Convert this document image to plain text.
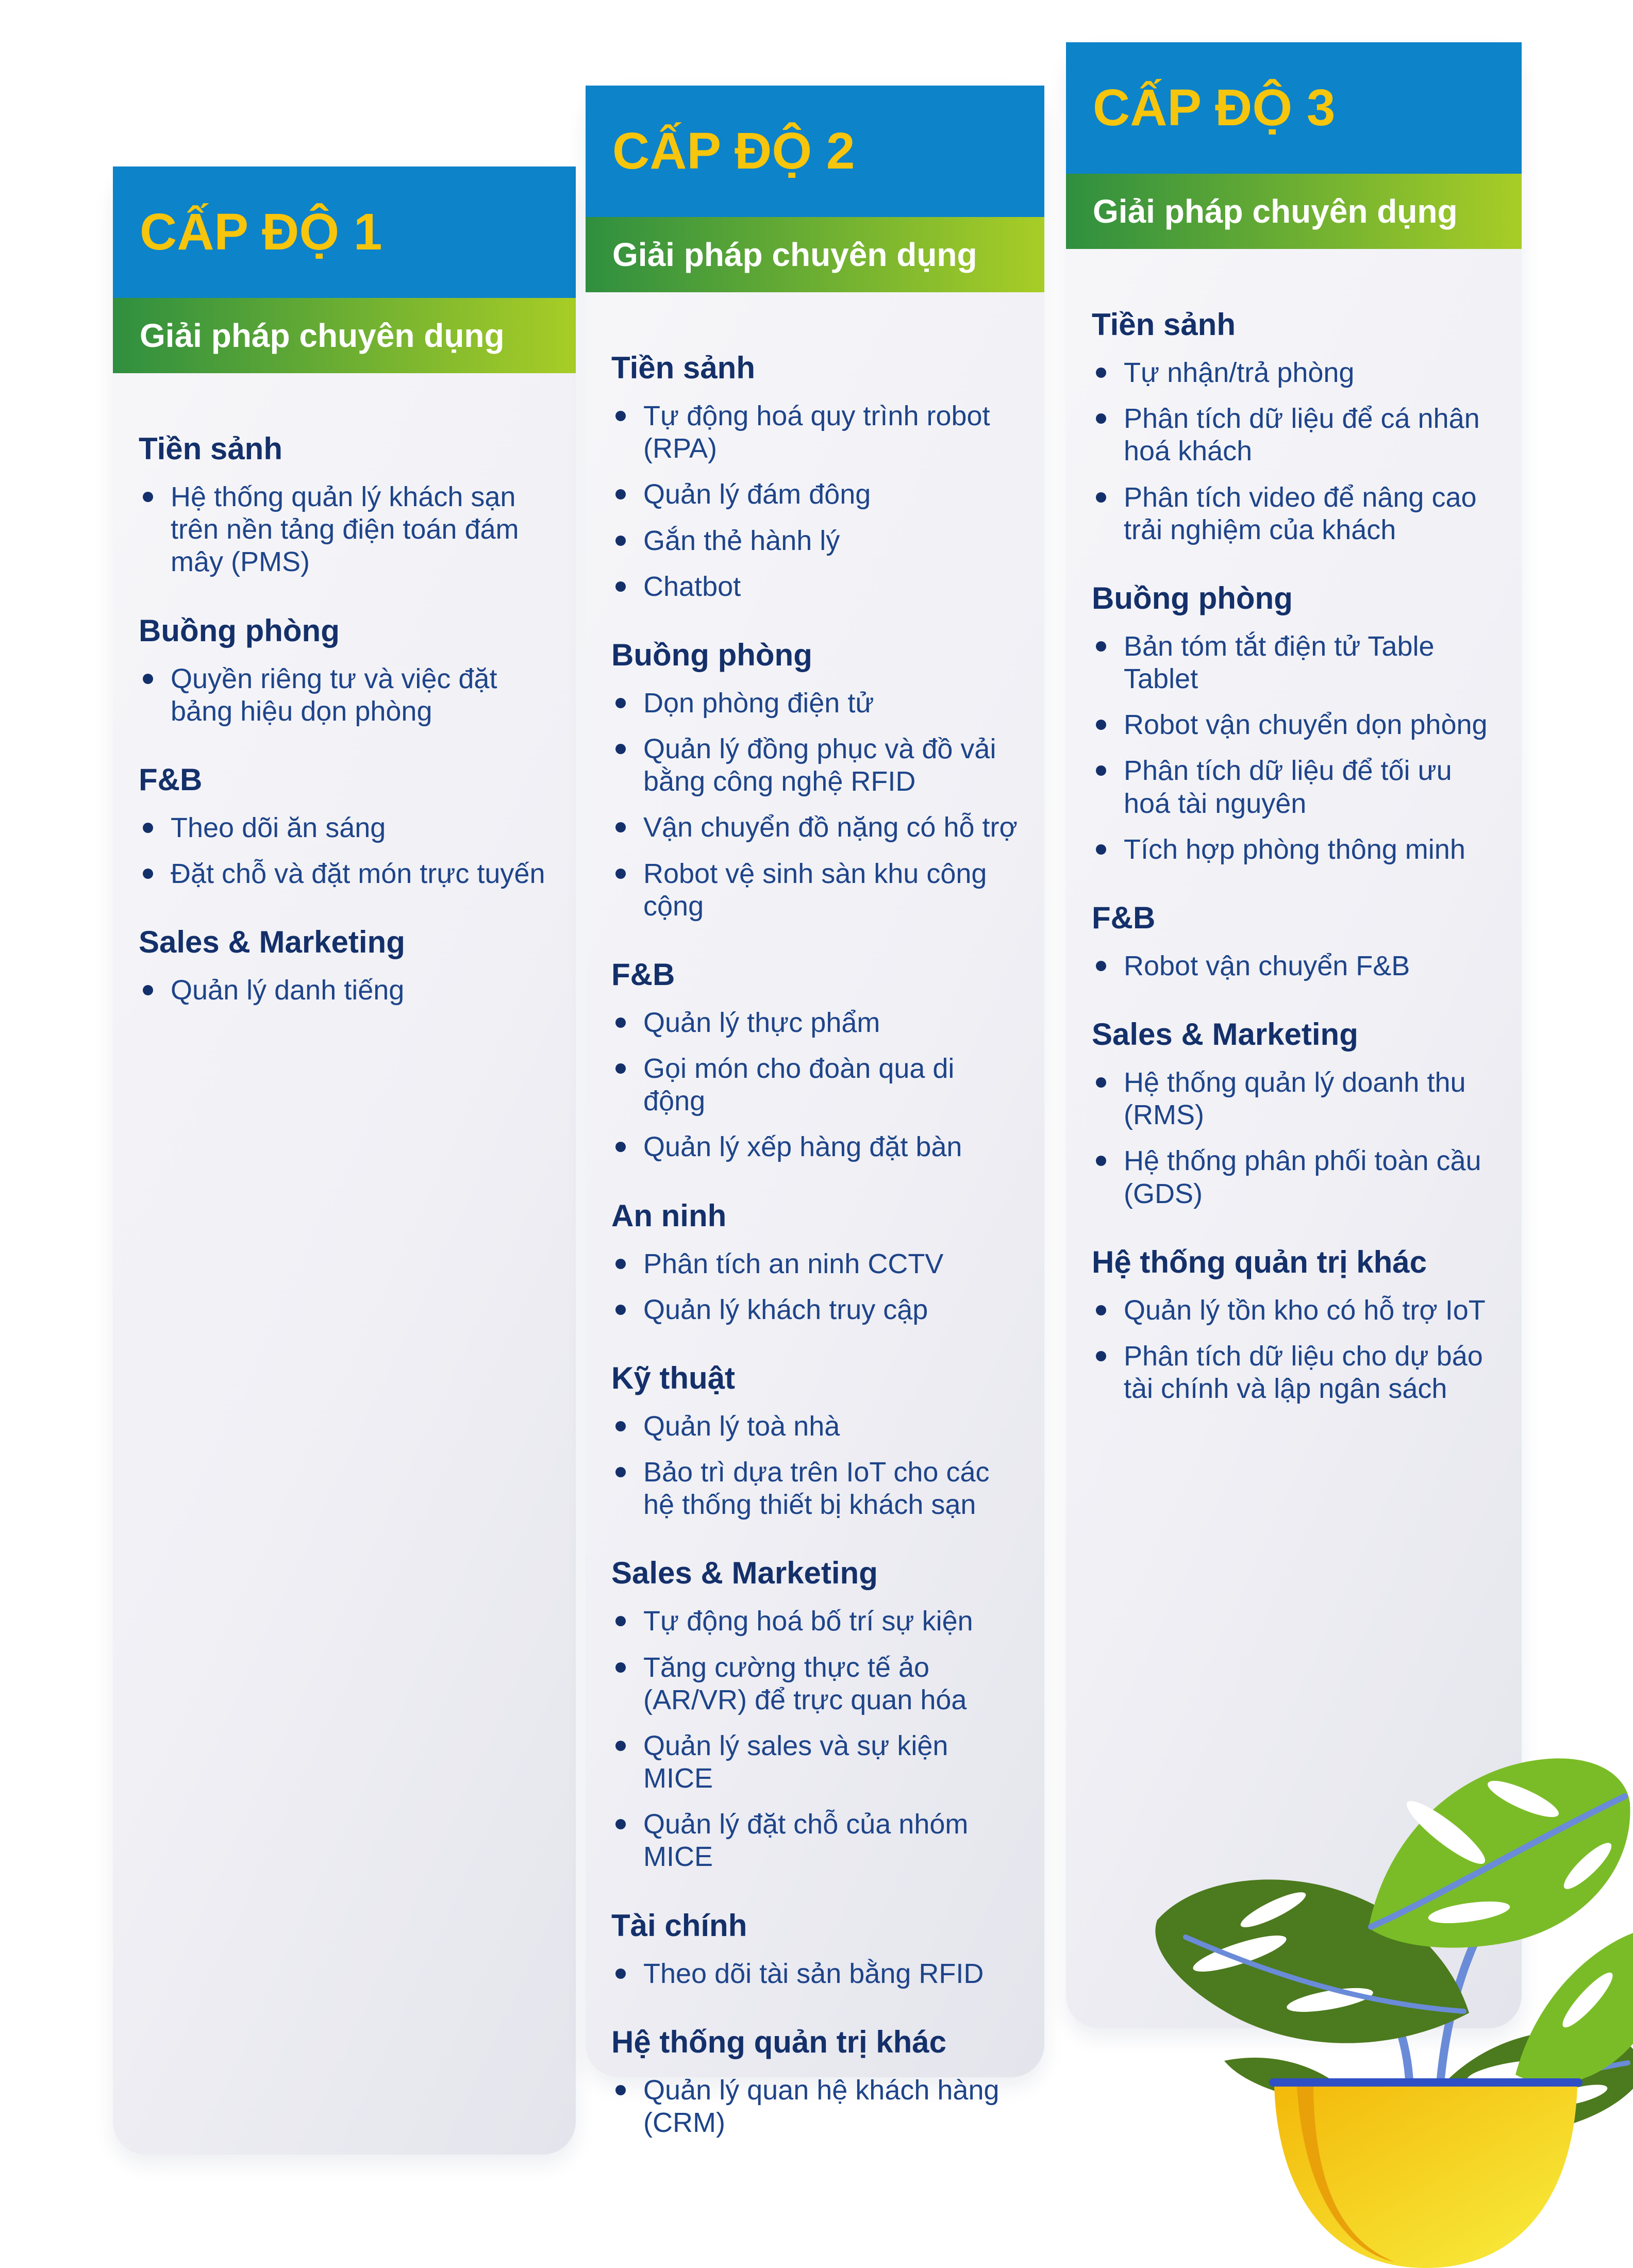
CẤP ĐỘ 1
Giải pháp chuyên dụng
Tiền sảnh
Hệ thống quản lý khách sạn trên nền tảng điện toán đám mây (PMS)
Buồng phòng
Quyền riêng tư và việc đặt bảng hiệu dọn phòng
F&B
Theo dõi ăn sáng
Đặt chỗ và đặt món trực tuyến
Sales & Marketing
Quản lý danh tiếng
CẤP ĐỘ 2
Giải pháp chuyên dụng
Tiền sảnh
Tự động hoá quy trình robot (RPA)
Quản lý đám đông
Gắn thẻ hành lý
Chatbot
Buồng phòng
Dọn phòng điện tử
Quản lý đồng phục và đồ vải bằng công nghệ RFID
Vận chuyển đồ nặng có hỗ trợ
Robot vệ sinh sàn khu công cộng
F&B
Quản lý thực phẩm
Gọi món cho đoàn qua di động
Quản lý xếp hàng đặt bàn
An ninh
Phân tích an ninh CCTV
Quản lý khách truy cập
Kỹ thuật
Quản lý toà nhà
Bảo trì dựa trên IoT cho các hệ thống thiết bị khách sạn
Sales & Marketing
Tự động hoá bố trí sự kiện
Tăng cường thực tế ảo (AR/VR) để trực quan hóa
Quản lý sales và sự kiện MICE
Quản lý đặt chỗ của nhóm MICE
Tài chính
Theo dõi tài sản bằng RFID
Hệ thống quản trị khác
Quản lý quan hệ khách hàng (CRM)
CẤP ĐỘ 3
Giải pháp chuyên dụng
Tiền sảnh
Tự nhận/trả phòng
Phân tích dữ liệu để cá nhân hoá khách
Phân tích video để nâng cao trải nghiệm của khách
Buồng phòng
Bản tóm tắt điện tử Table Tablet
Robot vận chuyển dọn phòng
Phân tích dữ liệu để tối ưu hoá tài nguyên
Tích hợp phòng thông minh
F&B
Robot vận chuyển F&B
Sales & Marketing
Hệ thống quản lý doanh thu (RMS)
Hệ thống phân phối toàn cầu (GDS)
Hệ thống quản trị khác
Quản lý tồn kho có hỗ trợ IoT
Phân tích dữ liệu cho dự báo tài chính và lập ngân sách
